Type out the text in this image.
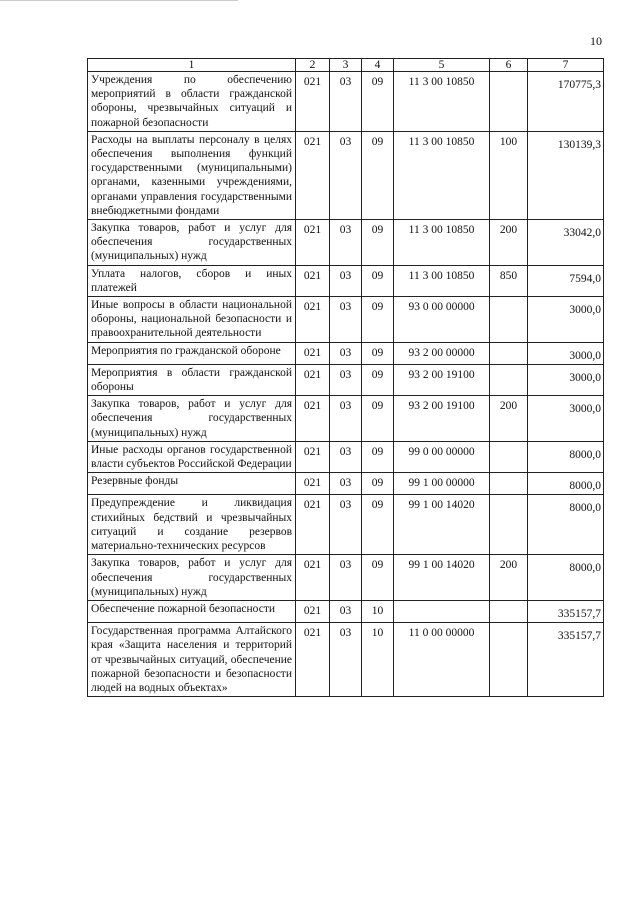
10
1	2	3	4	5	6	7
Учреждения по обеспечению мероприятий в области гражданской обороны, чрезвычайных ситуаций и пожарной безопасности	021	03	09	11 3 00 10850		170775,3
Расходы на выплаты персоналу в целях обеспечения выполнения функций государственными (муниципальными) органами, казенными учреждениями, органами управления государственными внебюджетными фондами	021	03	09	11 3 00 10850	100	130139,3
Закупка товаров, работ и услуг для обеспечения государственных (муниципальных) нужд	021	03	09	11 3 00 10850	200	33042,0
Уплата налогов, сборов и иных платежей	021	03	09	11 3 00 10850	850	7594,0
Иные вопросы в области национальной обороны, национальной безопасности и правоохранительной деятельности	021	03	09	93 0 00 00000		3000,0
Мероприятия по гражданской обороне	021	03	09	93 2 00 00000		3000,0
Мероприятия в области гражданской обороны	021	03	09	93 2 00 19100		3000,0
Закупка товаров, работ и услуг для обеспечения государственных (муниципальных) нужд	021	03	09	93 2 00 19100	200	3000,0
Иные расходы органов государственной власти субъектов Российской Федерации	021	03	09	99 0 00 00000		8000,0
Резервные фонды	021	03	09	99 1 00 00000		8000,0
Предупреждение и ликвидация стихийных бедствий и чрезвычайных ситуаций и создание резервов материально-технических ресурсов	021	03	09	99 1 00 14020		8000,0
Закупка товаров, работ и услуг для обеспечения государственных (муниципальных) нужд	021	03	09	99 1 00 14020	200	8000,0
Обеспечение пожарной безопасности	021	03	10			335157,7
Государственная программа Алтайского края «Защита населения и территорий от чрезвычайных ситуаций, обеспечение пожарной безопасности и безопасности людей на водных объектах»	021	03	10	11 0 00 00000		335157,7
